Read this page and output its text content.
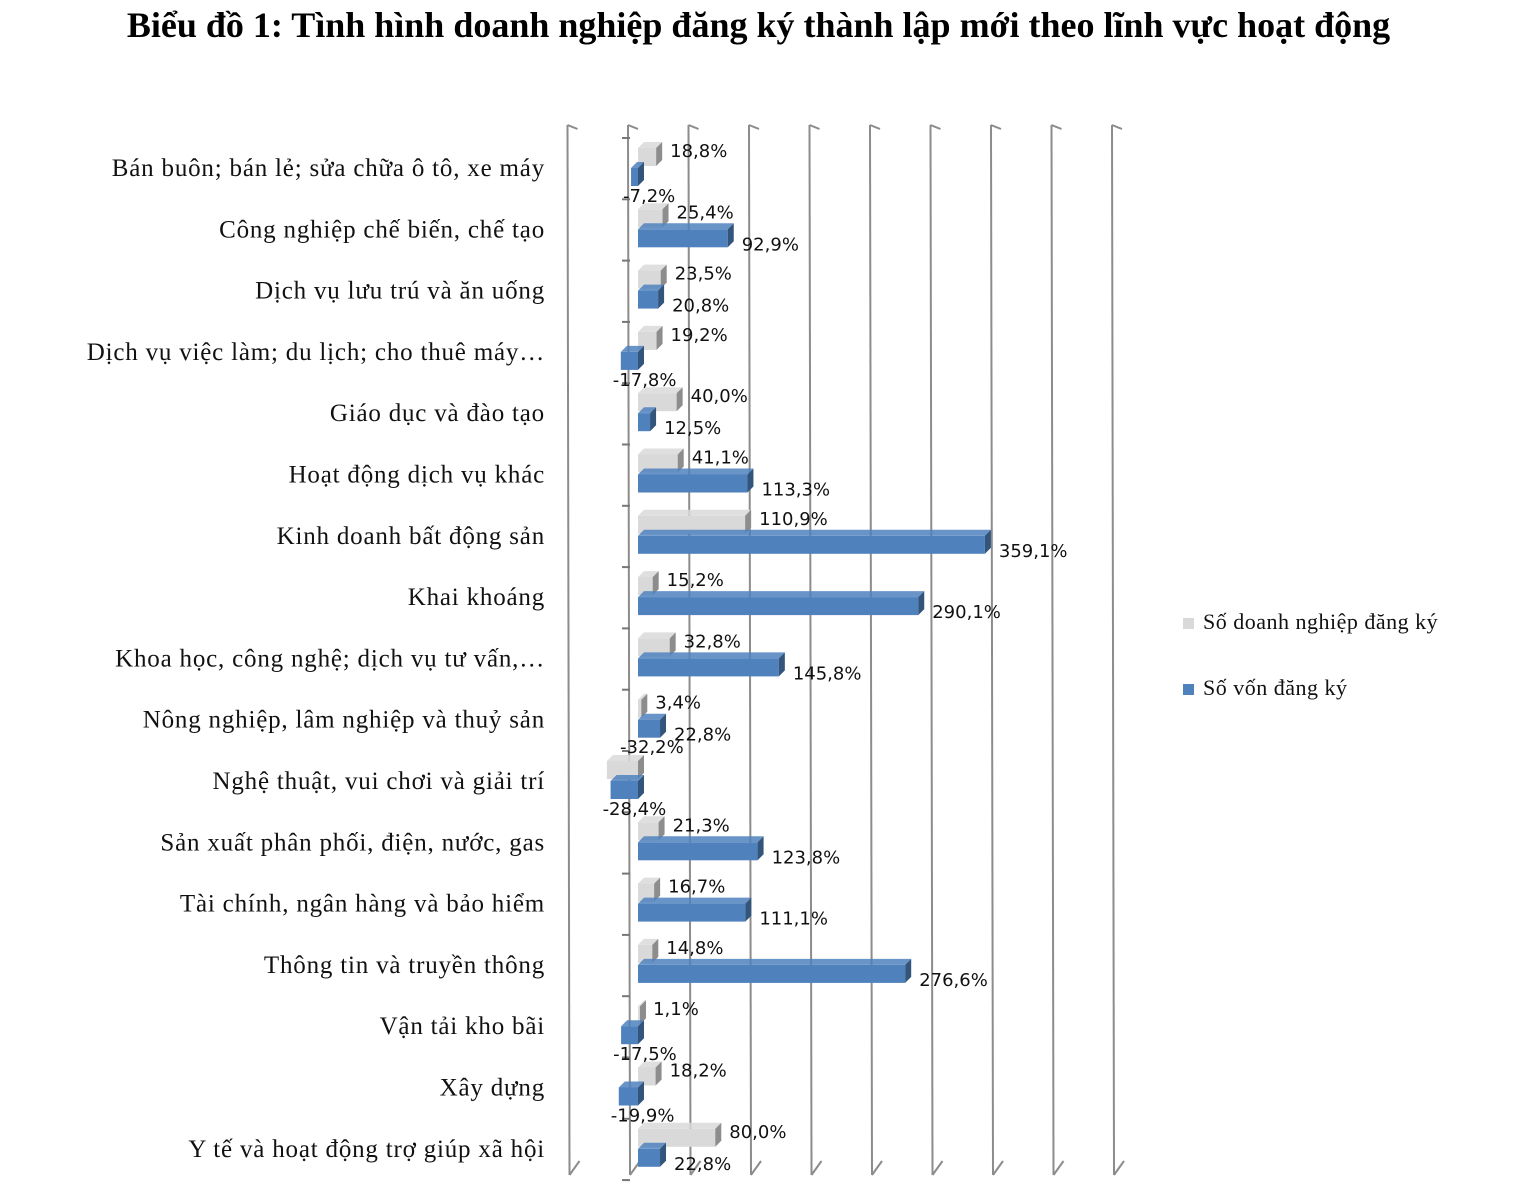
Biểu đồ 1: Tình hình doanh nghiệp đăng ký thành lập mới theo lĩnh vực hoạt động
Bán buôn; bán lẻ; sửa chữa ô tô, xe máy
18,8%
-7,2%
Công nghiệp chế biến, chế tạo
25,4%
92,9%
Dịch vụ lưu trú và ăn uống
23,5%
20,8%
Dịch vụ việc làm; du lịch; cho thuê máy…
19,2%
-17,8%
Giáo dục và đào tạo
40,0%
12,5%
Hoạt động dịch vụ khác
41,1%
113,3%
Kinh doanh bất động sản
110,9%
359,1%
Khai khoáng
15,2%
290,1%
Khoa học, công nghệ; dịch vụ tư vấn,…
32,8%
145,8%
Nông nghiệp, lâm nghiệp và thuỷ sản
3,4%
22,8%
Nghệ thuật, vui chơi và giải trí
-32,2%
-28,4%
Sản xuất phân phối, điện, nước, gas
21,3%
123,8%
Tài chính, ngân hàng và bảo hiểm
16,7%
111,1%
Thông tin và truyền thông
14,8%
276,6%
Vận tải kho bãi
1,1%
-17,5%
Xây dựng
18,2%
-19,9%
Y tế và hoạt động trợ giúp xã hội
80,0%
22,8%
Số doanh nghiệp đăng ký
Số vốn đăng ký
